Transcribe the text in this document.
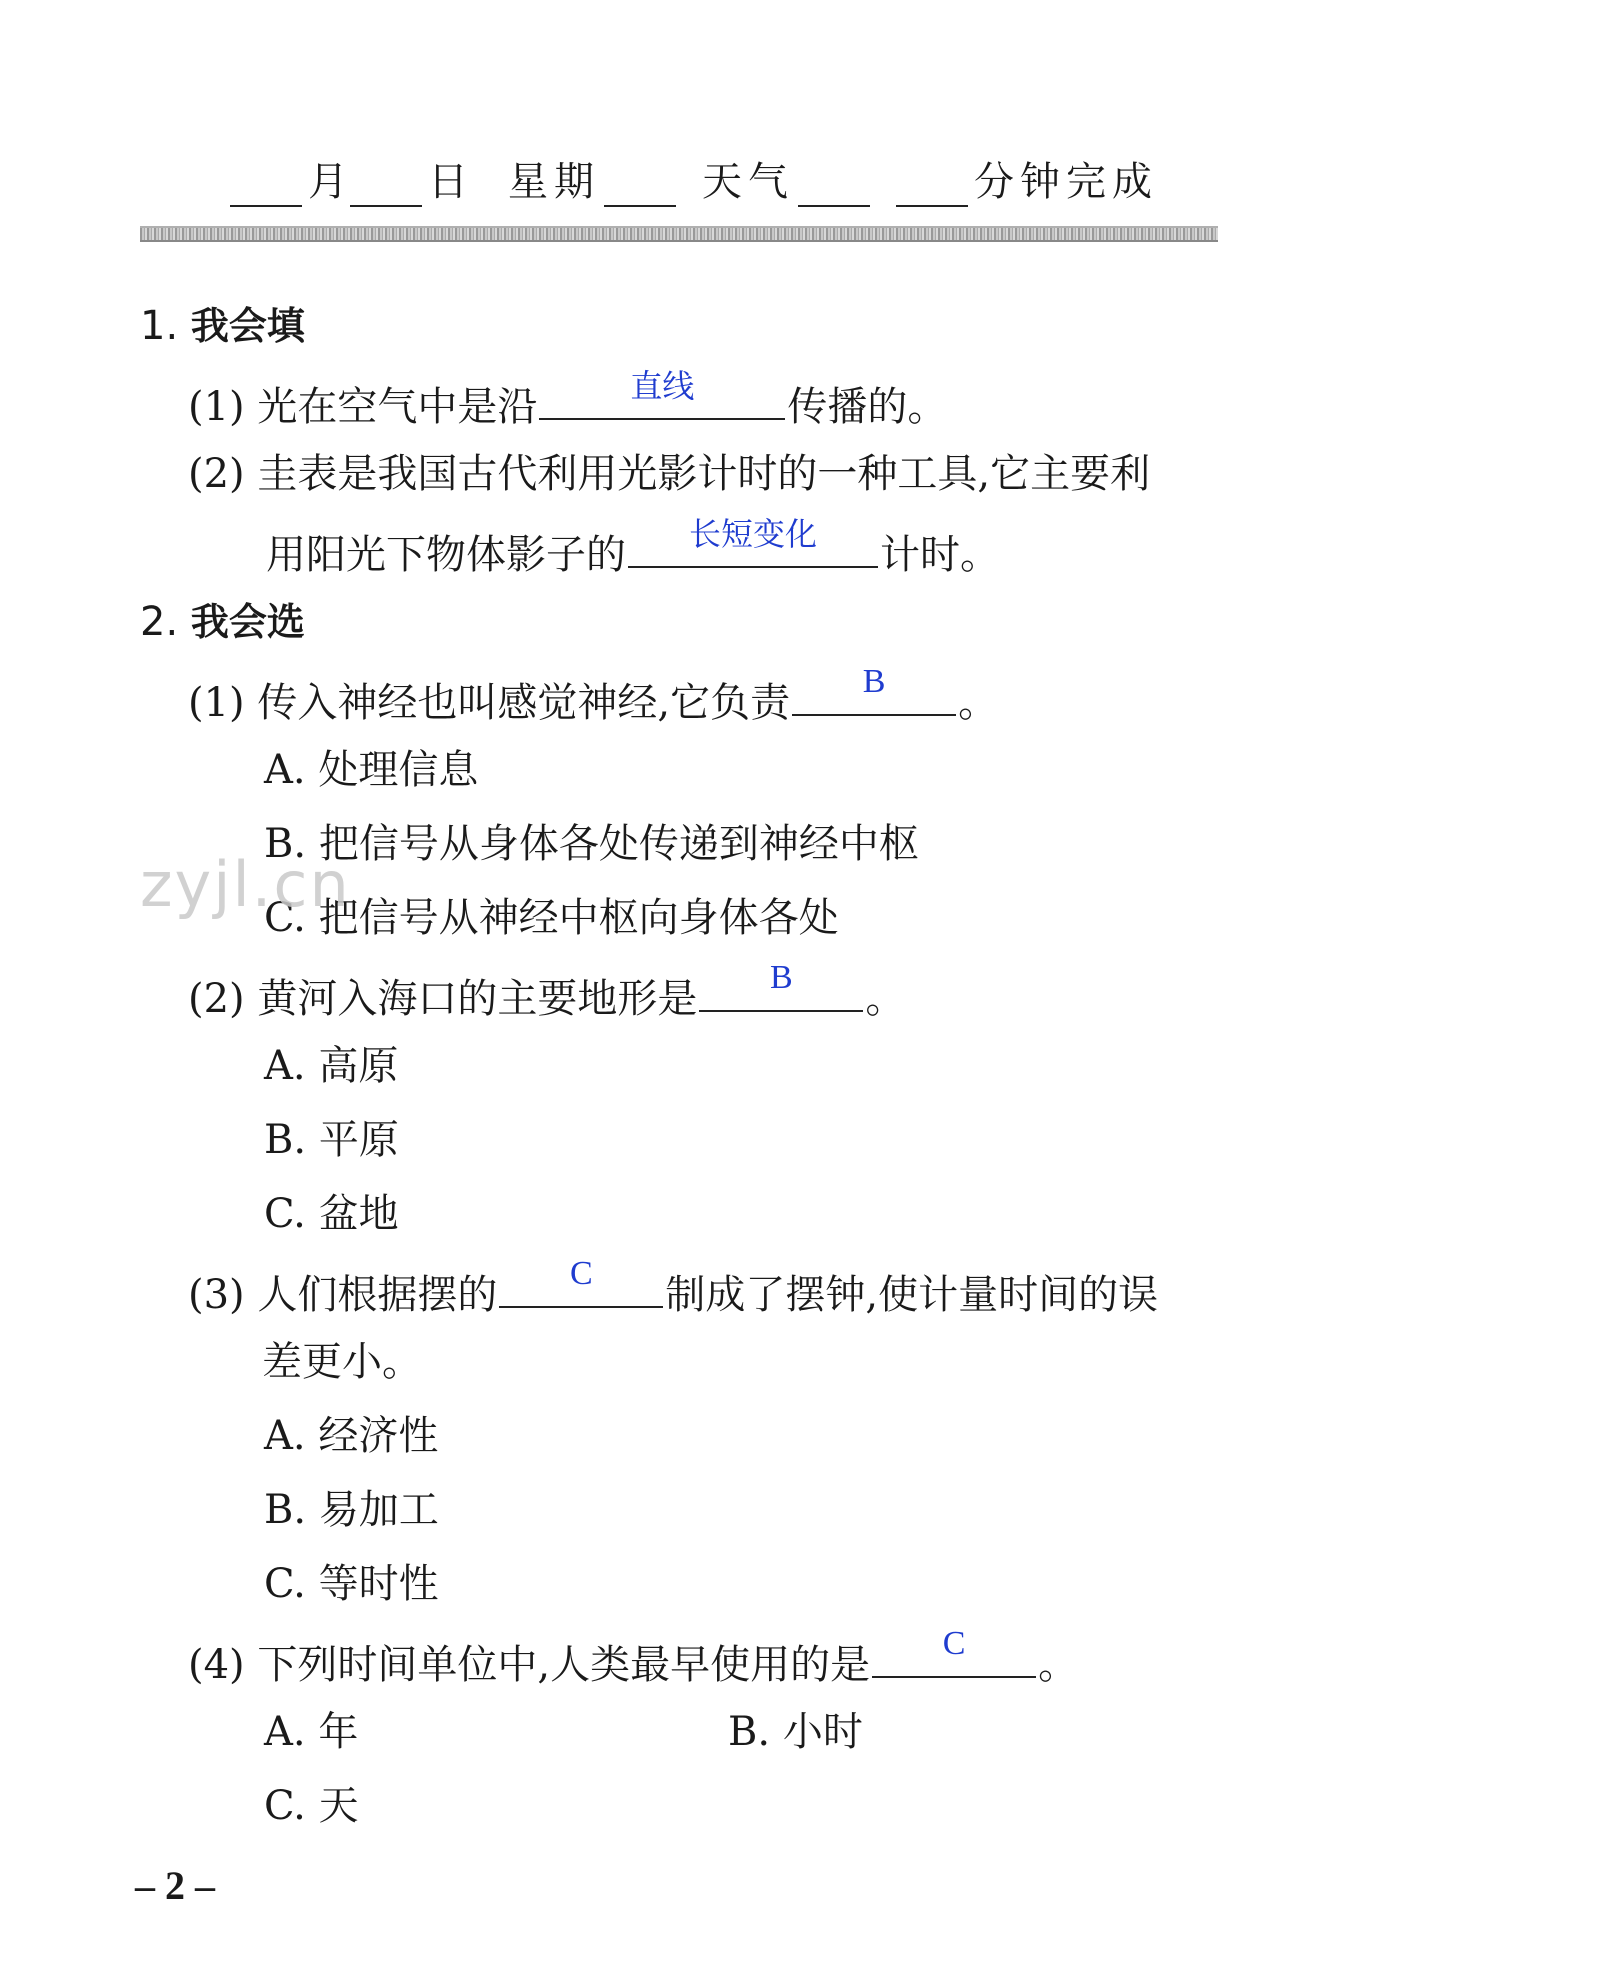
月	日 星期	天气	分钟完成
1. 我会填
(1) 光在空气中是沿	直线	传播的。
(2) 圭表是我国古代利用光影计时的一种工具,它主要利
用阳光下物体影子的	长短变化	计时。
2. 我会选
(1) 传入神经也叫感觉神经,它负责	B	。
A. 处理信息
B. 把信号从身体各处传递到神经中枢
C. 把信号从神经中枢向身体各处
(2) 黄河入海口的主要地形是	B	。
A. 高原
B. 平原
C. 盆地
(3) 人们根据摆的	C	制成了摆钟,使计量时间的误
差更小。
A. 经济性
B. 易加工
C. 等时性
(4) 下列时间单位中,人类最早使用的是	C	。
A. 年	B. 小时
C. 天
zyjl.cn
– 2 –
